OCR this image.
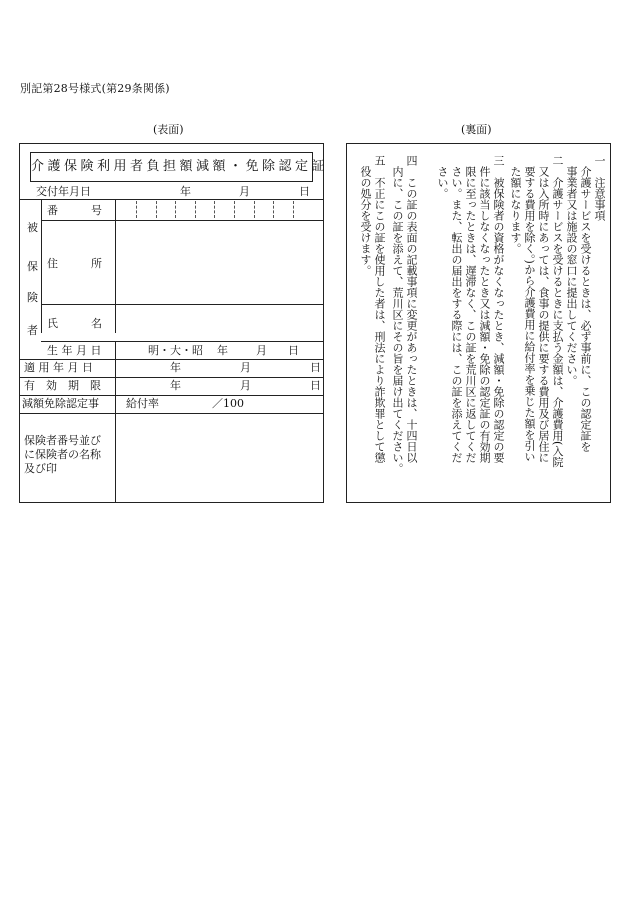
別記第28号様式(第29条関係)
(表面)	(裏面)
介護保険利用者負担額減額・免除認定証
交付年月日	年	月	日
被
保
険
者
番　　　号
住　　　所
氏　　　名
生 年 月 日	明・大・昭 年	月 日
適 用 年 月 日	年	月	日
有　効　期　限	年	月	日
減額免除認定事 給付率	／100
保険者番号並び
に保険者の名称
及び印
一　注意事項
　介護サービスを受けるときは、必ず事前に、この認定証を
　事業者又は施設の窓口に提出してください。
二　介護サービスを受けるときに支払う金額は、介護費用(入院
　又は入所時にあっては、食事の提供に要する費用及び居住に
　要する費用を除く。)から介護費用に給付率を乗じた額を引い
　た額になります。
三　被保険者の資格がなくなったとき、減額・免除の認定の要
　件に該当しなくなったとき又は減額・免除の認定証の有効期
　限に至ったときは、遅滞なく、この証を荒川区に返してくだ
　さい。また、転出の届出をする際には、この証を添えてくだ
　さい。
四　この証の表面の記載事項に変更があったときは、十四日以
　内に、この証を添えて、荒川区にその旨を届け出てください。
五　不正にこの証を使用した者は、刑法により詐欺罪として懲
　役の処分を受けます。
